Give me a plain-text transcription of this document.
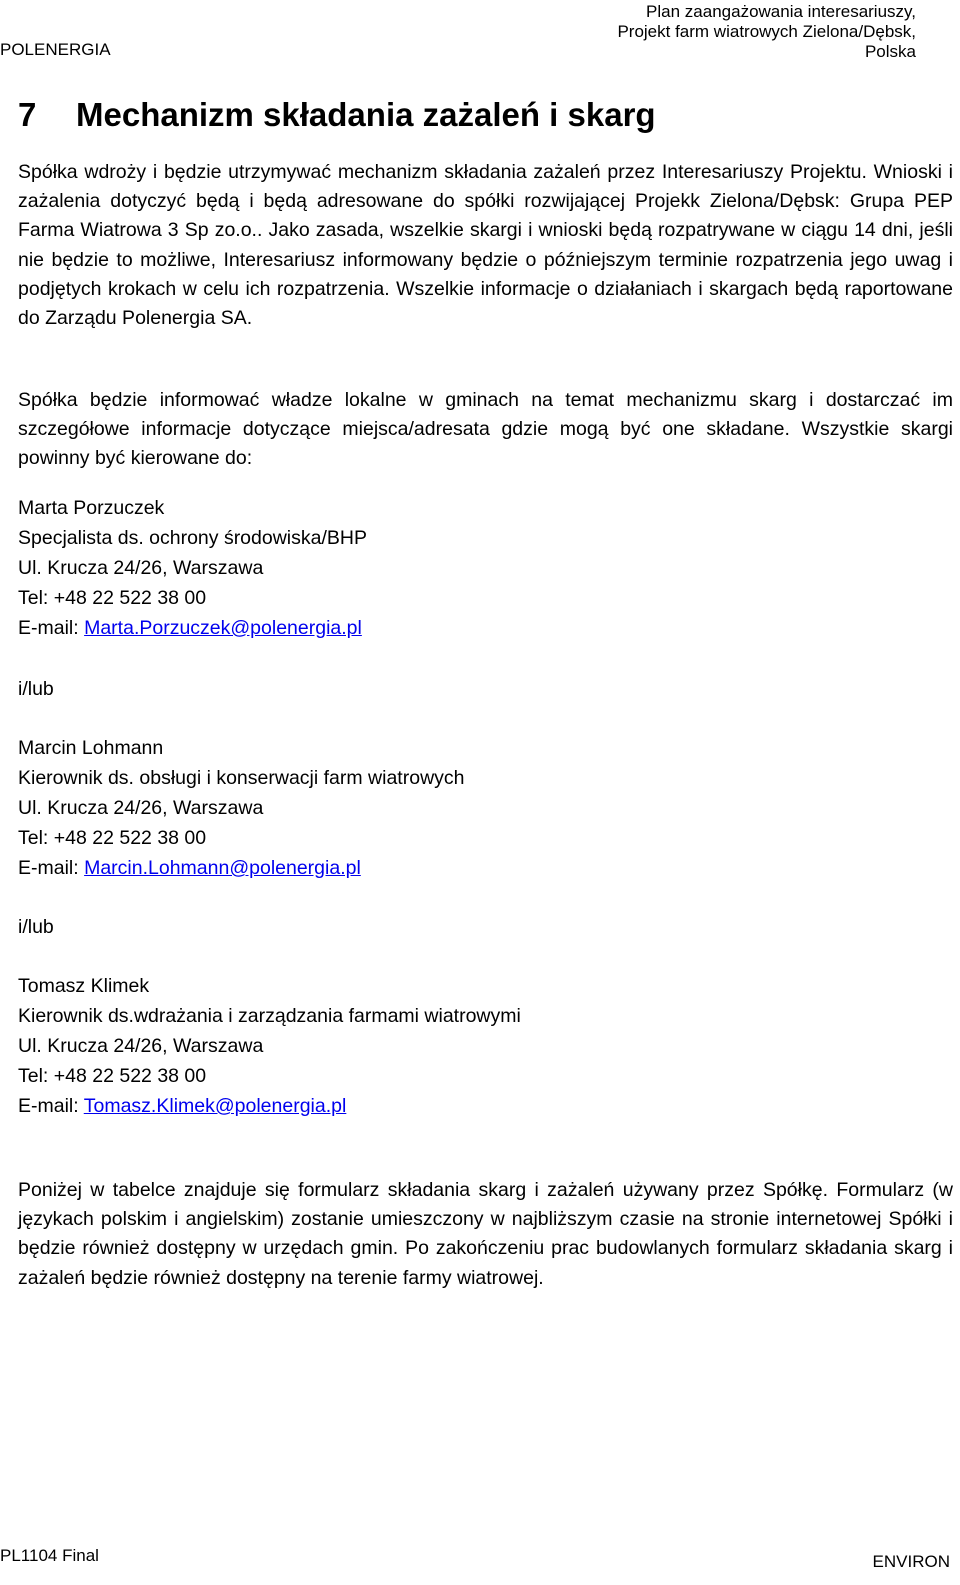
POLENERGIA
Plan zaangażowania interesariuszy,
Projekt farm wiatrowych Zielona/Dębsk,
Polska
7 Mechanizm składania zażaleń i skarg

Spółka wdroży i będzie utrzymywać mechanizm składania zażaleń przez Interesariuszy Projektu. Wnioski i zażalenia dotyczyć będą i będą adresowane do spółki rozwijającej Projekk Zielona/Dębsk: Grupa PEP Farma Wiatrowa 3 Sp zo.o.. Jako zasada, wszelkie skargi i wnioski będą rozpatrywane w ciągu 14 dni, jeśli nie będzie to możliwe, Interesariusz informowany będzie o późniejszym terminie rozpatrzenia jego uwag i podjętych krokach w celu ich rozpatrzenia. Wszelkie informacje o działaniach i skargach będą raportowane do Zarządu Polenergia SA.

Spółka będzie informować władze lokalne w gminach na temat mechanizmu skarg i dostarczać im szczegółowe informacje dotyczące miejsca/adresata gdzie mogą być one składane. Wszystkie skargi powinny być kierowane do:

Marta Porzuczek
Specjalista ds. ochrony środowiska/BHP
Ul. Krucza 24/26, Warszawa
Tel: +48 22 522 38 00
E-mail: Marta.Porzuczek@polenergia.pl
i/lub
Marcin Lohmann
Kierownik ds. obsługi i konserwacji farm wiatrowych
Ul. Krucza 24/26, Warszawa
Tel: +48 22 522 38 00
E-mail: Marcin.Lohmann@polenergia.pl
i/lub
Tomasz Klimek
Kierownik ds.wdrażania i zarządzania farmami wiatrowymi
Ul. Krucza 24/26, Warszawa
Tel: +48 22 522 38 00
E-mail: Tomasz.Klimek@polenergia.pl

Poniżej w tabelce znajduje się formularz składania skarg i zażaleń używany przez Spółkę. Formularz (w językach polskim i angielskim) zostanie umieszczony w najbliższym czasie na stronie internetowej Spółki i będzie również dostępny w urzędach gmin. Po zakończeniu prac budowlanych formularz składania skarg i zażaleń będzie również dostępny na terenie farmy wiatrowej.

PL1104 Final	ENVIRON
